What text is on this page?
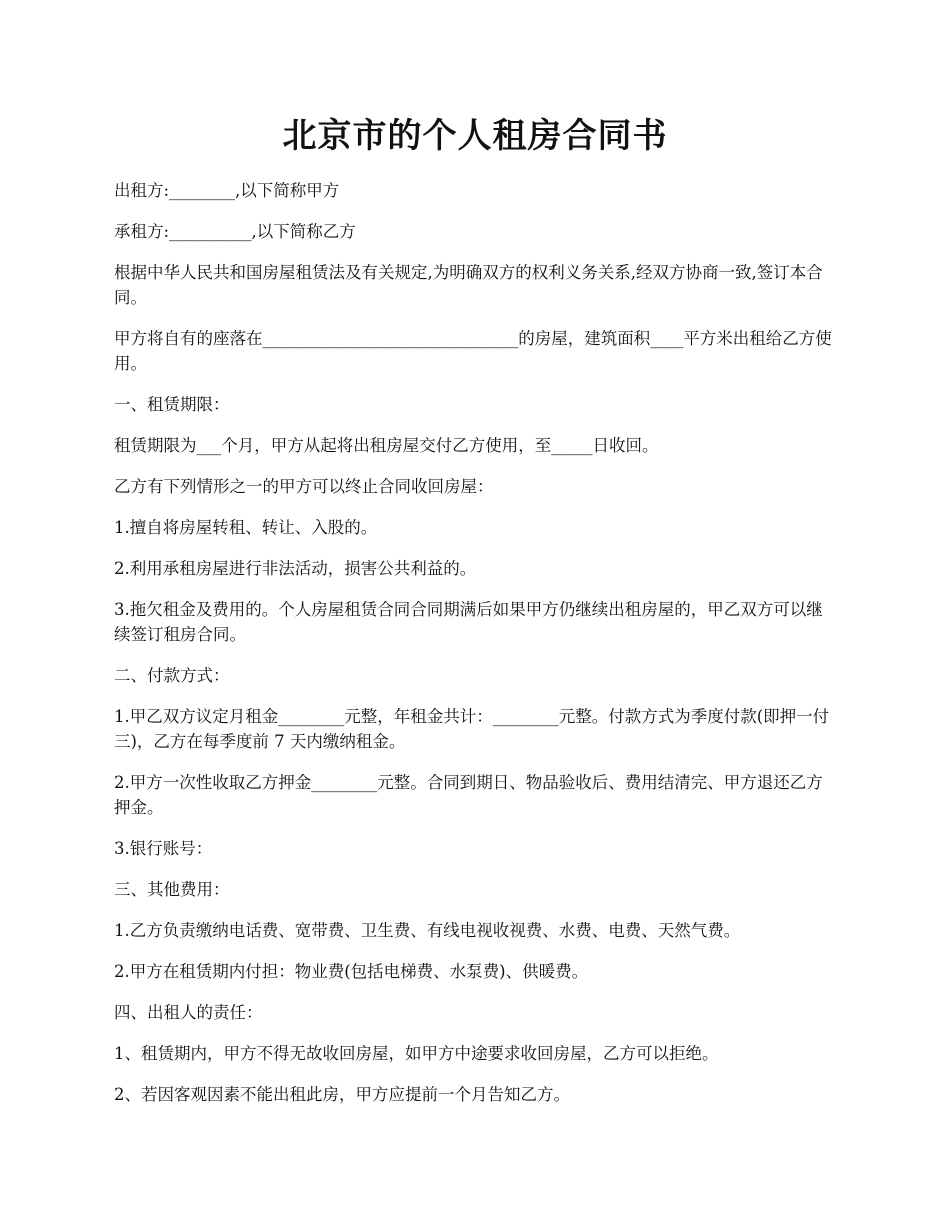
北京市的个人租房合同书

出租方:________,以下简称甲方

承租方:__________,以下简称乙方

根据中华人民共和国房屋租赁法及有关规定,为明确双方的权利义务关系,经双方协商一致,签订本合同。

甲方将自有的座落在_______________________________的房屋，建筑面积____平方米出租给乙方使用。

一、租赁期限：

租赁期限为___个月，甲方从起将出租房屋交付乙方使用，至_____日收回。

乙方有下列情形之一的甲方可以终止合同收回房屋：

1.擅自将房屋转租、转让、入股的。

2.利用承租房屋进行非法活动，损害公共利益的。

3.拖欠租金及费用的。个人房屋租赁合同合同期满后如果甲方仍继续出租房屋的，甲乙双方可以继续签订租房合同。

二、付款方式：

1.甲乙双方议定月租金________元整，年租金共计：________元整。付款方式为季度付款(即押一付三)，乙方在每季度前 7 天内缴纳租金。

2.甲方一次性收取乙方押金________元整。合同到期日、物品验收后、费用结清完、甲方退还乙方押金。

3.银行账号：

三、其他费用：

1.乙方负责缴纳电话费、宽带费、卫生费、有线电视收视费、水费、电费、天然气费。

2.甲方在租赁期内付担：物业费(包括电梯费、水泵费)、供暖费。

四、出租人的责任：

1、租赁期内，甲方不得无故收回房屋，如甲方中途要求收回房屋，乙方可以拒绝。

2、若因客观因素不能出租此房，甲方应提前一个月告知乙方。
